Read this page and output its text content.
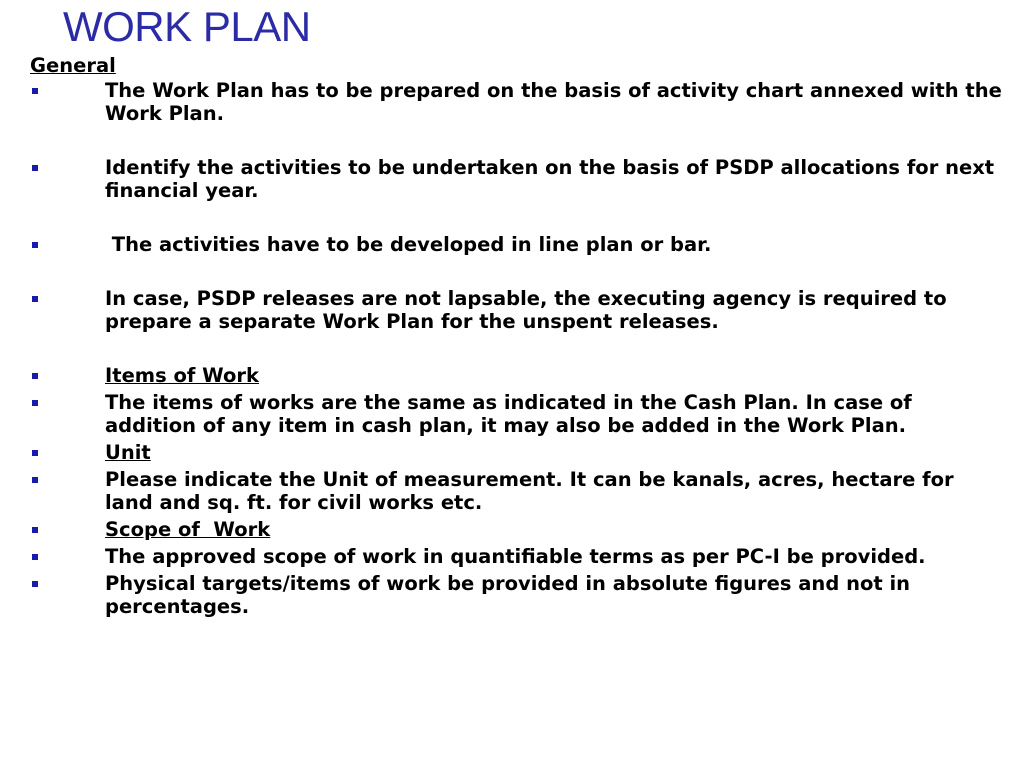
WORK PLAN
General
The Work Plan has to be prepared on the basis of activity chart annexed with the Work Plan.
Identify the activities to be undertaken on the basis of PSDP allocations for next financial year.
The activities have to be developed in line plan or bar.
In case, PSDP releases are not lapsable, the executing agency is required to prepare a separate Work Plan for the unspent releases.
Items of Work
The items of works are the same as indicated in the Cash Plan. In case of addition of any item in cash plan, it may also be added in the Work Plan.
Unit
Please indicate the Unit of measurement. It can be kanals, acres, hectare for land and sq. ft. for civil works etc.
Scope of  Work
The approved scope of work in quantifiable terms as per PC-I be provided.
Physical targets/items of work be provided in absolute figures and not in percentages.
